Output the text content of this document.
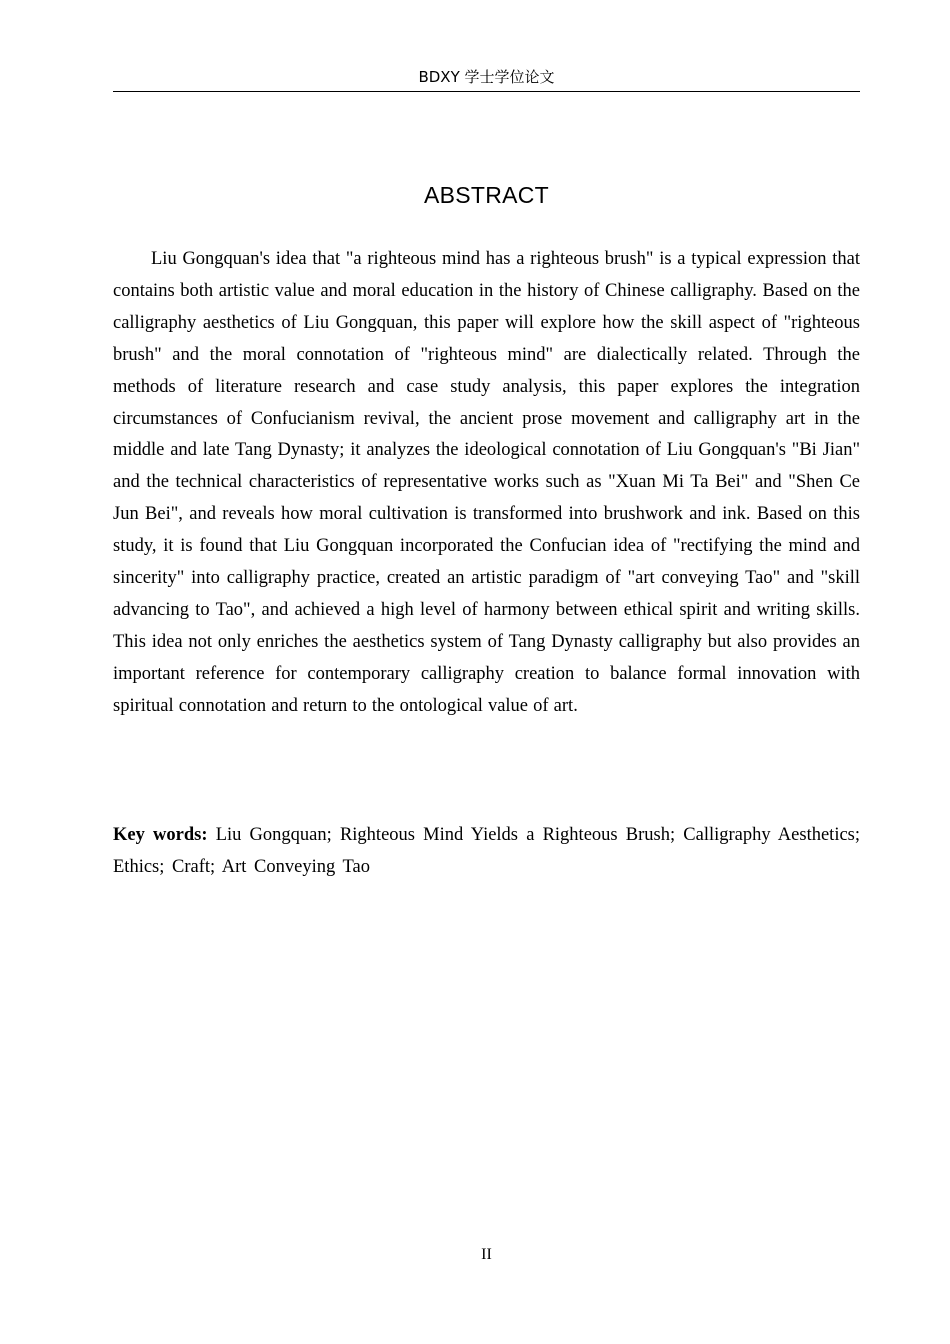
BDXY 学士学位论文
ABSTRACT

Liu Gongquan's idea that "a righteous mind has a righteous brush" is a typical expression that contains both artistic value and moral education in the history of Chinese calligraphy. Based on the calligraphy aesthetics of Liu Gongquan, this paper will explore how the skill aspect of "righteous brush" and the moral connotation of "righteous mind" are dialectically related. Through the methods of literature research and case study analysis, this paper explores the integration circumstances of Confucianism revival, the ancient prose movement and calligraphy art in the middle and late Tang Dynasty; it analyzes the ideological connotation of Liu Gongquan's "Bi Jian" and the technical characteristics of representative works such as "Xuan Mi Ta Bei" and "Shen Ce Jun Bei", and reveals how moral cultivation is transformed into brushwork and ink. Based on this study, it is found that Liu Gongquan incorporated the Confucian idea of "rectifying the mind and sincerity" into calligraphy practice, created an artistic paradigm of "art conveying Tao" and "skill advancing to Tao", and achieved a high level of harmony between ethical spirit and writing skills. This idea not only enriches the aesthetics system of Tang Dynasty calligraphy but also provides an important reference for contemporary calligraphy creation to balance formal innovation with spiritual connotation and return to the ontological value of art.

Key words: Liu Gongquan; Righteous Mind Yields a Righteous Brush; Calligraphy Aesthetics; Ethics; Craft; Art Conveying Tao

II
